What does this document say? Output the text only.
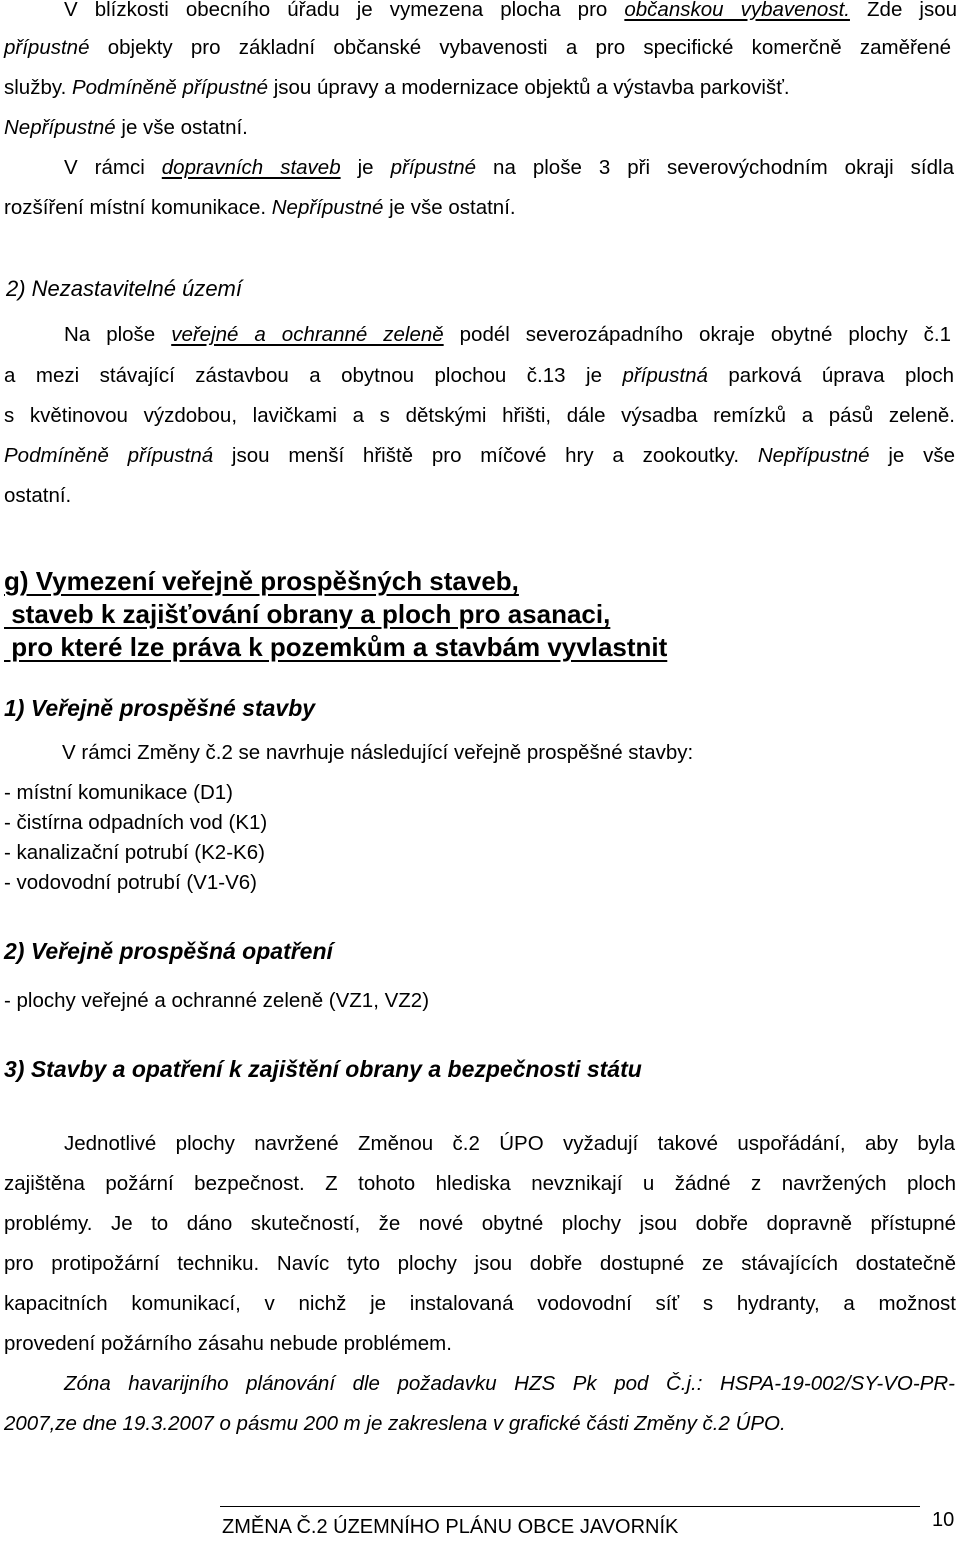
V blízkosti obecního úřadu je vymezena plocha pro občanskou vybavenost. Zde jsou
přípustné objekty pro základní občanské vybavenosti a pro specifické komerčně zaměřené
služby. Podmíněně přípustné jsou úpravy a modernizace objektů a výstavba parkovišť.
Nepřípustné je vše ostatní.
V rámci dopravních staveb je přípustné na ploše 3 při severovýchodním okraji sídla
rozšíření místní komunikace. Nepřípustné je vše ostatní.
2) Nezastavitelné území
Na ploše veřejné a ochranné zeleně podél severozápadního okraje obytné plochy č.1
a mezi stávající zástavbou a obytnou plochou č.13 je přípustná parková úprava ploch
s květinovou výzdobou, lavičkami a s dětskými hřišti, dále výsadba remízků a pásů zeleně.
Podmíněně přípustná jsou menší hřiště pro míčové hry a zookoutky. Nepřípustné je vše
ostatní.
g) Vymezení veřejně prospěšných staveb,
staveb k zajišťování obrany a ploch pro asanaci,
pro které lze práva k pozemkům a stavbám vyvlastnit
1) Veřejně prospěšné stavby
V rámci Změny č.2 se navrhuje následující veřejně prospěšné stavby:
- místní komunikace (D1)
- čistírna odpadních vod (K1)
- kanalizační potrubí (K2-K6)
- vodovodní potrubí (V1-V6)
2) Veřejně prospěšná opatření
- plochy veřejné a ochranné zeleně (VZ1, VZ2)
3) Stavby a opatření k zajištění obrany a bezpečnosti státu
Jednotlivé plochy navržené Změnou č.2 ÚPO vyžadují takové uspořádání, aby byla
zajištěna požární bezpečnost. Z tohoto hlediska nevznikají u žádné z navržených ploch
problémy. Je to dáno skutečností, že nové obytné plochy jsou dobře dopravně přístupné
pro protipožární techniku. Navíc tyto plochy jsou dobře dostupné ze stávajících dostatečně
kapacitních komunikací, v nichž je instalovaná vodovodní síť s hydranty, a možnost
provedení požárního zásahu nebude problémem.
Zóna havarijního plánování dle požadavku HZS Pk pod Č.j.: HSPA-19-002/SY-VO-PR-
2007,ze dne 19.3.2007 o pásmu 200 m je zakreslena v grafické části Změny č.2 ÚPO.
ZMĚNA Č.2 ÚZEMNÍHO PLÁNU OBCE JAVORNÍK	10
